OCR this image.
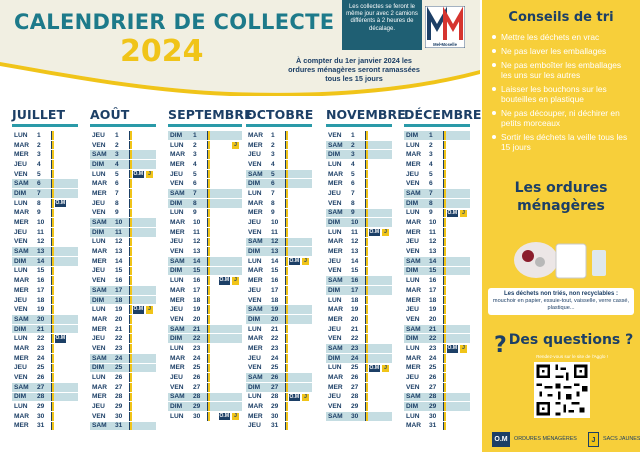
CALENDRIER DE COLLECTE
2024
Les collectes se feront le même jour avec 2 camions différents à 2 heures de décalage.
Mel•Moselle
À compter du 1er janvier 2024 les ordures ménagères seront ramassées tous les 15 jours
JUILLET
LUN	1
MAR	2
MER	3
JEU	4
VEN	5
SAM	6
DIM	7
LUN	8	O.M
MAR	9
MER	10
JEU	11
VEN	12
SAM	13
DIM	14
LUN	15
MAR	16
MER	17
JEU	18
VEN	19
SAM	20
DIM	21
LUN	22	O.M
MAR	23
MER	24
JEU	25
VEN	26
SAM	27
DIM	28
LUN	29
MAR	30
MER	31
AOÛT
JEU	1
VEN	2
SAM	3
DIM	4
LUN	5	O.M	J
MAR	6
MER	7
JEU	8
VEN	9
SAM	10
DIM	11
LUN	12
MAR	13
MER	14
JEU	15
VEN	16
SAM	17
DIM	18
LUN	19	O.M	J
MAR	20
MER	21
JEU	22
VEN	23
SAM	24
DIM	25
LUN	26
MAR	27
MER	28
JEU	29
VEN	30
SAM	31
SEPTEMBRE
DIM	1
LUN	2	J
MAR	3
MER	4
JEU	5
VEN	6
SAM	7
DIM	8
LUN	9
MAR	10
MER	11
JEU	12
VEN	13
SAM	14
DIM	15
LUN	16	O.M	J
MAR	17
MER	18
JEU	19
VEN	20
SAM	21
DIM	22
LUN	23
MAR	24
MER	25
JEU	26
VEN	27
SAM	28
DIM	29
LUN	30	O.M	J
OCTOBRE
MAR	1
MER	2
JEU	3
VEN	4
SAM	5
DIM	6
LUN	7
MAR	8
MER	9
JEU	10
VEN	11
SAM	12
DIM	13
LUN	14	O.M	J
MAR	15
MER	16
JEU	17
VEN	18
SAM	19
DIM	20
LUN	21
MAR	22
MER	23
JEU	24
VEN	25
SAM	26
DIM	27
LUN	28	O.M	J
MAR	29
MER	30
JEU	31
NOVEMBRE
VEN	1
SAM	2
DIM	3
LUN	4
MAR	5
MER	6
JEU	7
VEN	8
SAM	9
DIM	10
LUN	11	O.M	J
MAR	12
MER	13
JEU	14
VEN	15
SAM	16
DIM	17
LUN	18
MAR	19
MER	20
JEU	21
VEN	22
SAM	23
DIM	24
LUN	25	O.M	J
MAR	26
MER	27
JEU	28
VEN	29
SAM	30
DÉCEMBRE
DIM	1
LUN	2
MAR	3
MER	4
JEU	5
VEN	6
SAM	7
DIM	8
LUN	9	O.M	J
MAR	10
MER	11
JEU	12
VEN	13
SAM	14
DIM	15
LUN	16
MAR	17
MER	18
JEU	19
VEN	20
SAM	21
DIM	22
LUN	23	O.M	J
MAR	24
MER	25
JEU	26
VEN	27
SAM	28
DIM	29
LUN	30
MAR	31
Conseils de tri
Mettre les déchets en vrac
Ne pas laver les emballages
Ne pas emboîter les emballages les uns sur les autres
Laisser les bouchons sur les bouteilles en plastique
Ne pas découper, ni déchirer en petits morceaux
Sortir les déchets la veille tous les 15 jours
Les ordures
ménagères
Les déchets non triés, non recyclables :
mouchoir en papier, essuie-tout, vaisselle, verre cassé, plastique...
? Des questions ?
Rendez-vous sur le site de l'Agglo !
O.M	ORDURES MÉNAGÈRES	J	SACS JAUNES
